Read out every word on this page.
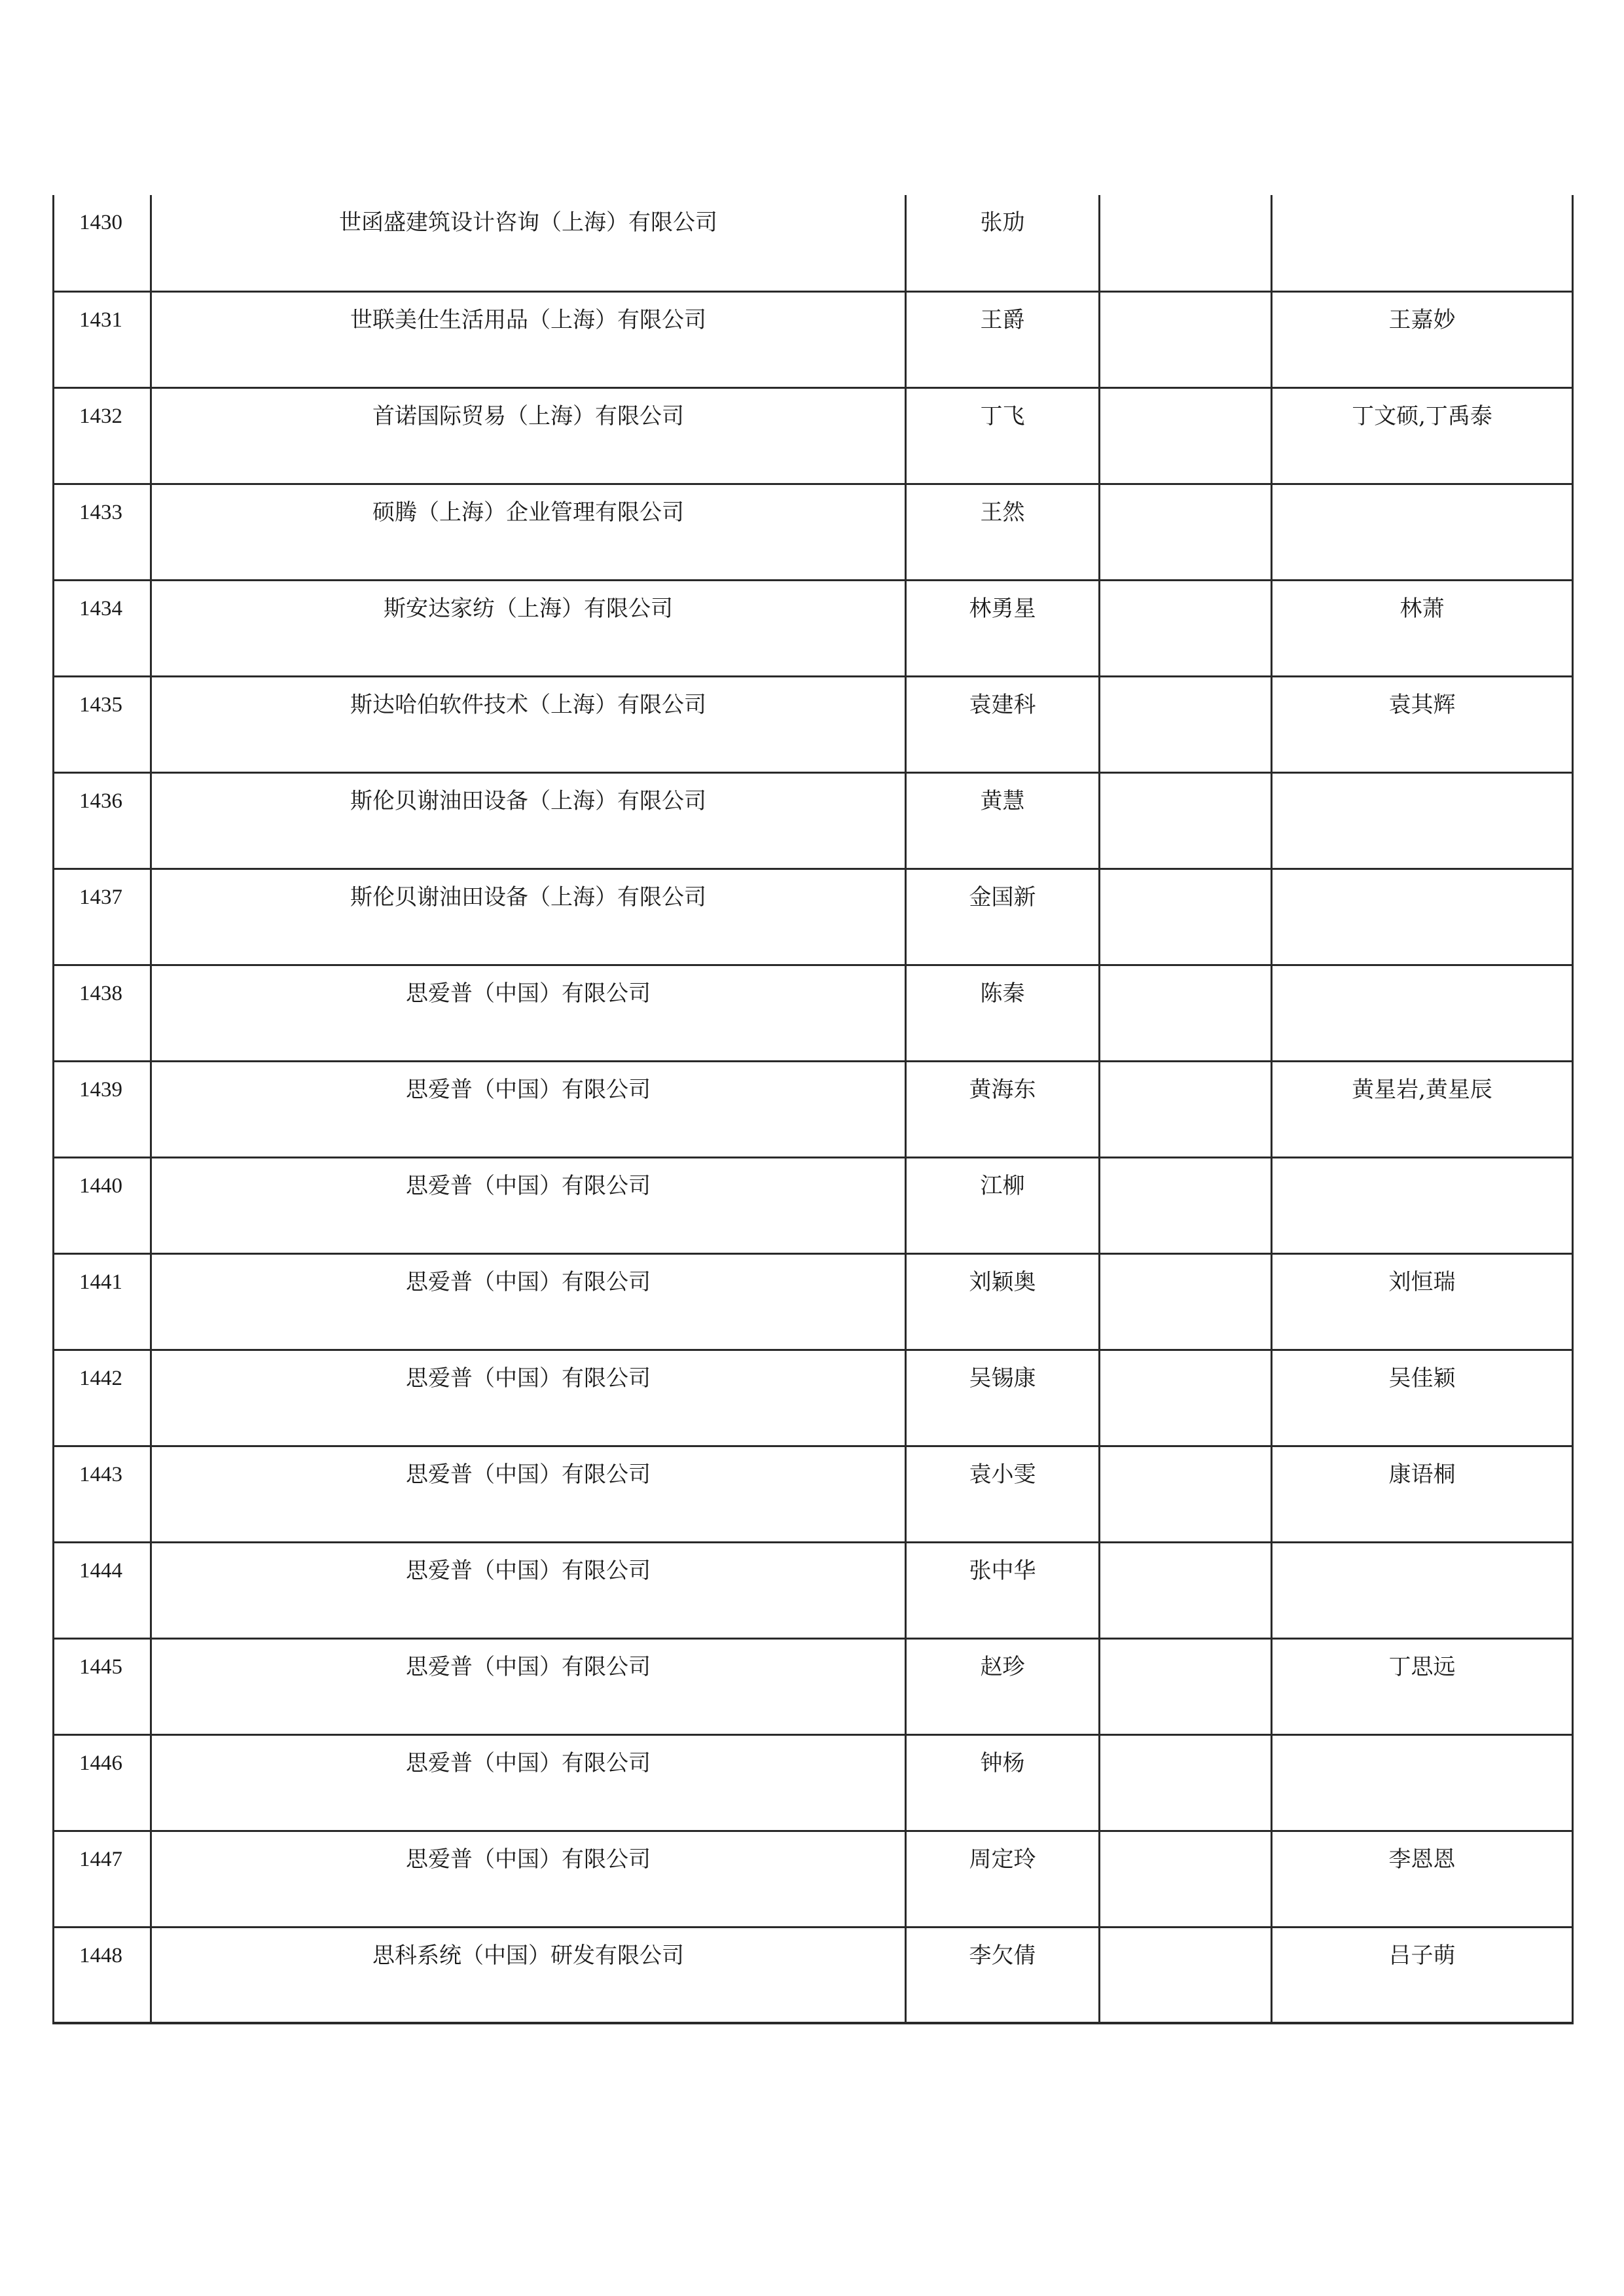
1430	世函盛建筑设计咨询（上海）有限公司	张劢		
1431	世联美仕生活用品（上海）有限公司	王爵		王嘉妙
1432	首诺国际贸易（上海）有限公司	丁飞		丁文硕,丁禹泰
1433	硕腾（上海）企业管理有限公司	王然		
1434	斯安达家纺（上海）有限公司	林勇星		林萧
1435	斯达哈伯软件技术（上海）有限公司	袁建科		袁其辉
1436	斯伦贝谢油田设备（上海）有限公司	黄慧		
1437	斯伦贝谢油田设备（上海）有限公司	金国新		
1438	思爱普（中国）有限公司	陈秦		
1439	思爱普（中国）有限公司	黄海东		黄星岩,黄星辰
1440	思爱普（中国）有限公司	江柳		
1441	思爱普（中国）有限公司	刘颖奥		刘恒瑞
1442	思爱普（中国）有限公司	吴锡康		吴佳颖
1443	思爱普（中国）有限公司	袁小雯		康语桐
1444	思爱普（中国）有限公司	张中华		
1445	思爱普（中国）有限公司	赵珍		丁思远
1446	思爱普（中国）有限公司	钟杨		
1447	思爱普（中国）有限公司	周定玲		李恩恩
1448	思科系统（中国）研发有限公司	李欠倩		吕子萌
